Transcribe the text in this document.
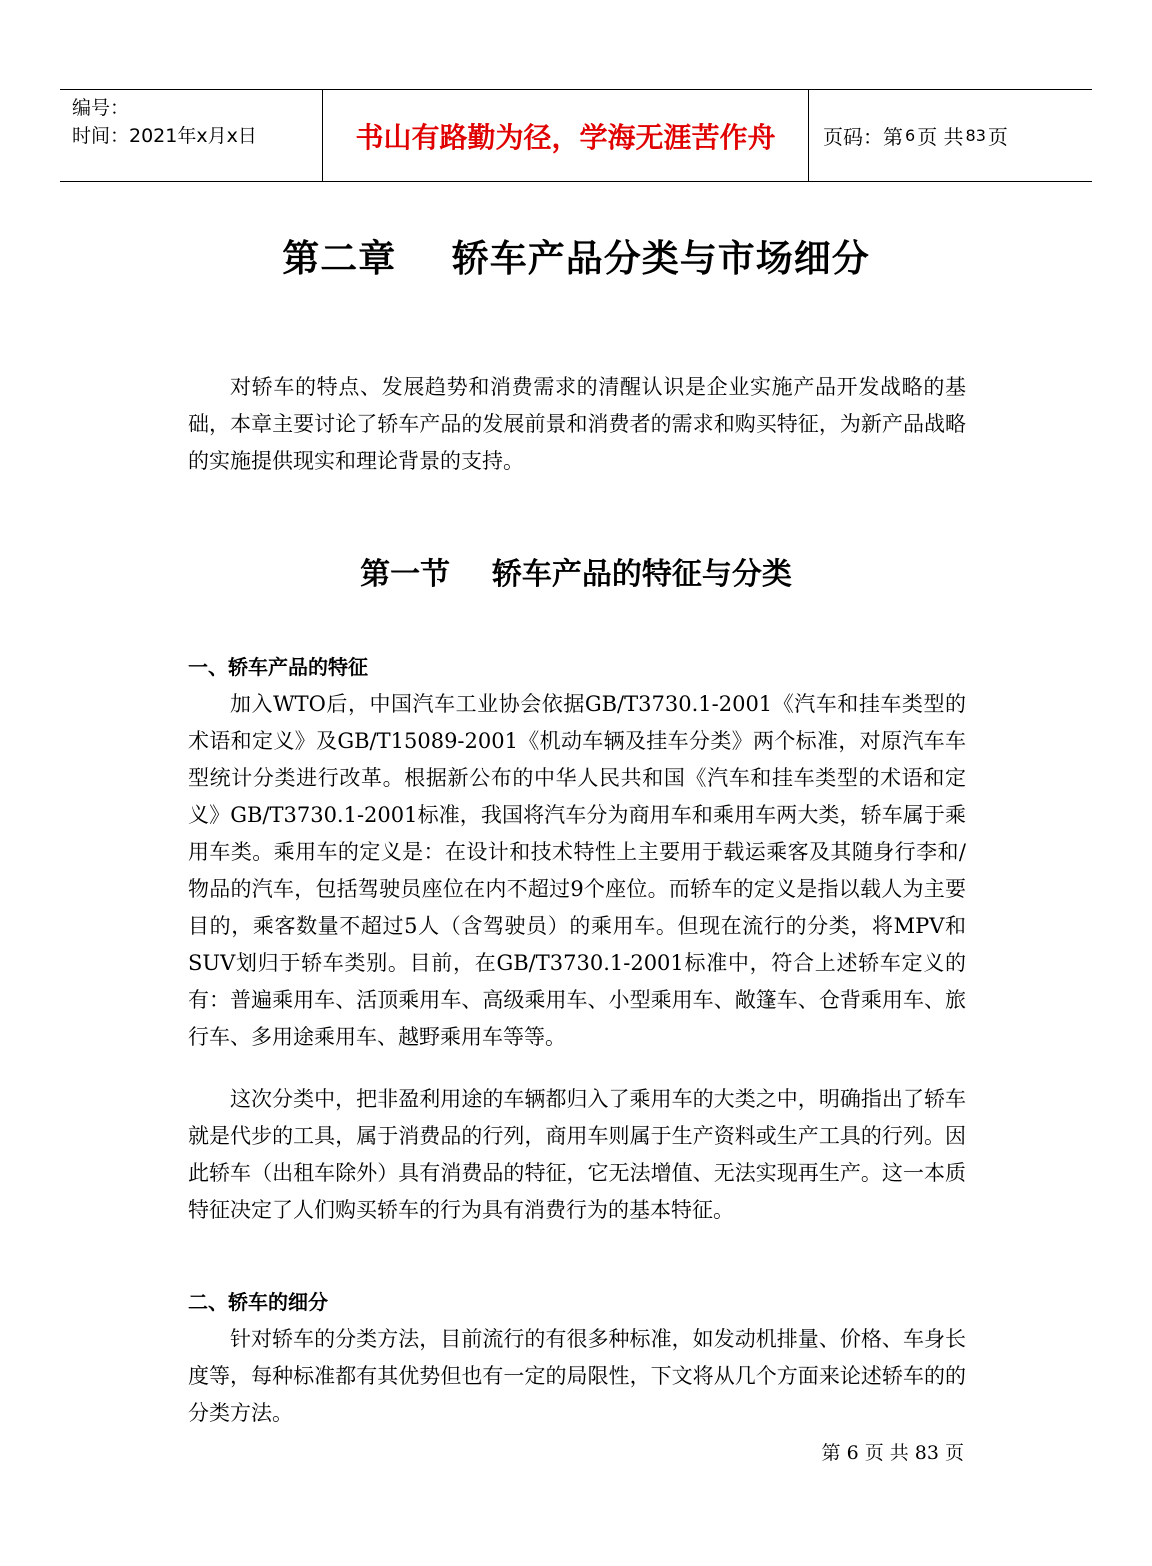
编号：
时间：2021年x月x日	书山有路勤为径，学海无涯苦作舟	页码：第 6 页 共 83 页
第二章    轿车产品分类与市场细分

对轿车的特点、发展趋势和消费需求的清醒认识是企业实施产品开发战略的基础，本章主要讨论了轿车产品的发展前景和消费者的需求和购买特征，为新产品战略的实施提供现实和理论背景的支持。

第一节    轿车产品的特征与分类
一、轿车产品的特征

加入WTO后，中国汽车工业协会依据GB/T3730.1-2001《汽车和挂车类型的术语和定义》及GB/T15089-2001《机动车辆及挂车分类》两个标准，对原汽车车型统计分类进行改革。根据新公布的中华人民共和国《汽车和挂车类型的术语和定义》GB/T3730.1-2001标准，我国将汽车分为商用车和乘用车两大类，轿车属于乘用车类。乘用车的定义是：在设计和技术特性上主要用于载运乘客及其随身行李和/物品的汽车，包括驾驶员座位在内不超过9个座位。而轿车的定义是指以载人为主要目的，乘客数量不超过5人（含驾驶员）的乘用车。但现在流行的分类，将MPV和SUV划归于轿车类别。目前，在GB/T3730.1-2001标准中，符合上述轿车定义的有：普遍乘用车、活顶乘用车、高级乘用车、小型乘用车、敞篷车、仓背乘用车、旅行车、多用途乘用车、越野乘用车等等。

这次分类中，把非盈利用途的车辆都归入了乘用车的大类之中，明确指出了轿车就是代步的工具，属于消费品的行列，商用车则属于生产资料或生产工具的行列。因此轿车（出租车除外）具有消费品的特征，它无法增值、无法实现再生产。这一本质特征决定了人们购买轿车的行为具有消费行为的基本特征。

二、轿车的细分

针对轿车的分类方法，目前流行的有很多种标准，如发动机排量、价格、车身长度等，每种标准都有其优势但也有一定的局限性，下文将从几个方面来论述轿车的的分类方法。

第 6 页 共 83 页
